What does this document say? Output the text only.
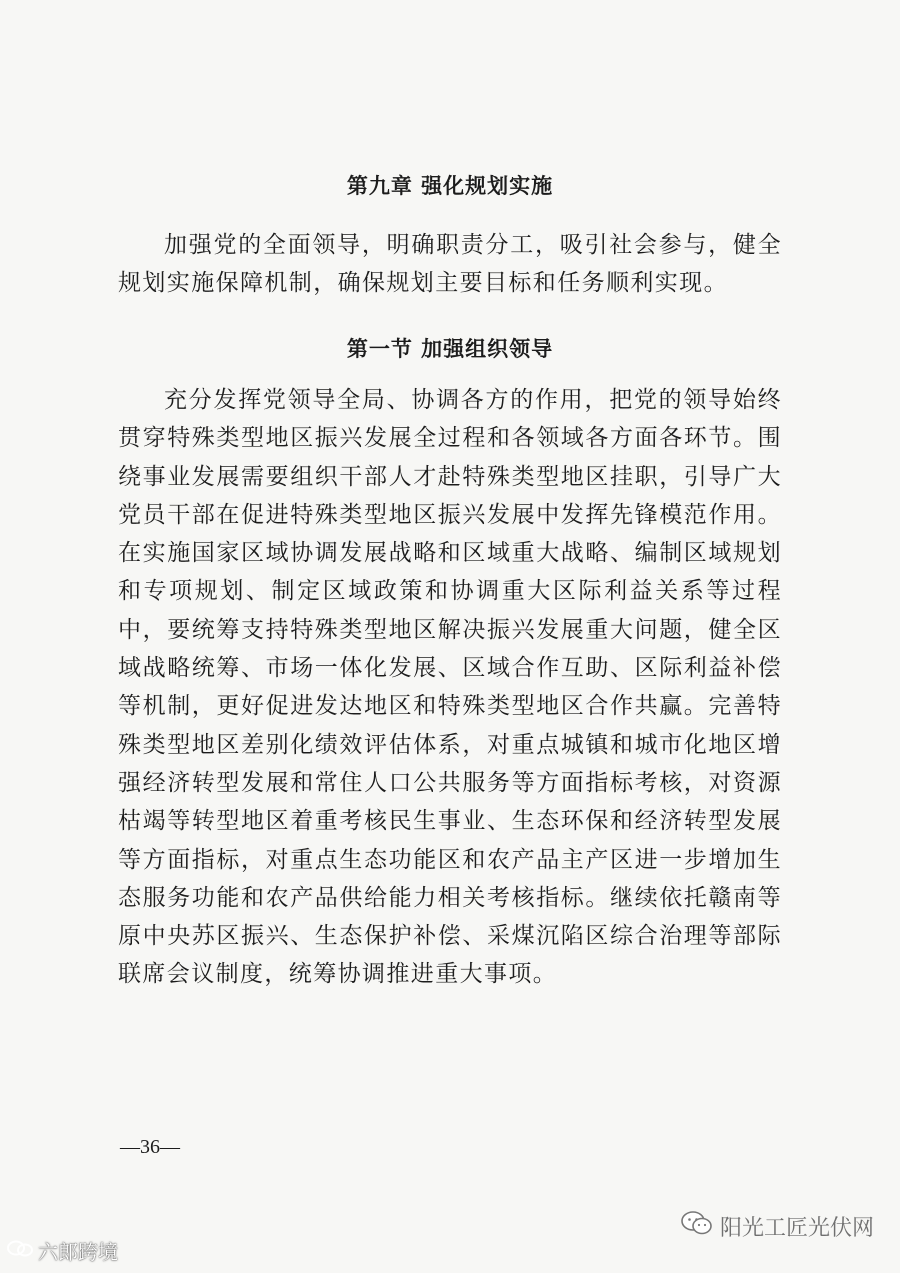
第九章 强化规划实施

加强党的全面领导，明确职责分工，吸引社会参与，健全规划实施保障机制，确保规划主要目标和任务顺利实现。

第一节 加强组织领导

充分发挥党领导全局、协调各方的作用，把党的领导始终贯穿特殊类型地区振兴发展全过程和各领域各方面各环节。围绕事业发展需要组织干部人才赴特殊类型地区挂职，引导广大党员干部在促进特殊类型地区振兴发展中发挥先锋模范作用。在实施国家区域协调发展战略和区域重大战略、编制区域规划和专项规划、制定区域政策和协调重大区际利益关系等过程中，要统筹支持特殊类型地区解决振兴发展重大问题，健全区域战略统筹、市场一体化发展、区域合作互助、区际利益补偿等机制，更好促进发达地区和特殊类型地区合作共赢。完善特殊类型地区差别化绩效评估体系，对重点城镇和城市化地区增强经济转型发展和常住人口公共服务等方面指标考核，对资源枯竭等转型地区着重考核民生事业、生态环保和经济转型发展等方面指标，对重点生态功能区和农产品主产区进一步增加生态服务功能和农产品供给能力相关考核指标。继续依托赣南等原中央苏区振兴、生态保护补偿、采煤沉陷区综合治理等部际联席会议制度，统筹协调推进重大事项。

—36—
六郎跨境
阳光工匠光伏网
